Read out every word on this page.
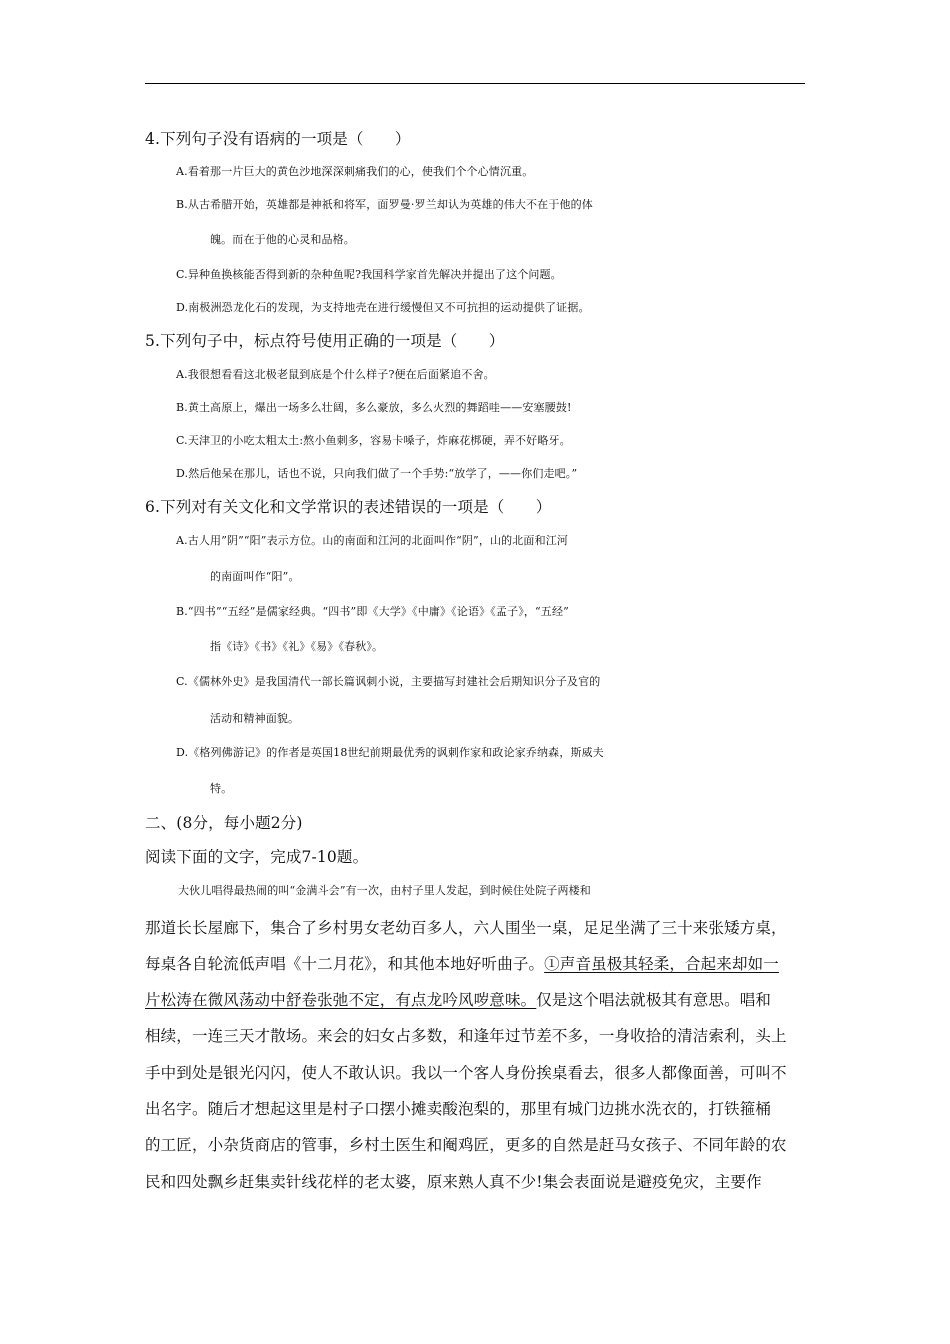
4.下列句子没有语病的一项是（　　）
A.看着那一片巨大的黄色沙地深深刺痛我们的心，使我们个个心情沉重。
B.从古希腊开始，英雄都是神祇和将军，面罗曼·罗兰却认为英雄的伟大不在于他的体
魄。而在于他的心灵和品格。
C.异种鱼换核能否得到新的杂种鱼呢?我国科学家首先解决并提出了这个问题。
D.南极洲恐龙化石的发现，为支持地壳在进行缓慢但又不可抗担的运动提供了证据。
5.下列句子中，标点符号使用正确的一项是（　　）
A.我很想看看这北极老鼠到底是个什么样子?便在后面紧追不舍。
B.黄土高原上，爆出一场多么壮阔，多么豪放，多么火烈的舞蹈哇——安塞腰鼓!
C.天津卫的小吃太粗太土:熬小鱼刺多，容易卡嗓子，炸麻花梆硬，弄不好略牙。
D.然后他呆在那儿，话也不说，只向我们做了一个手势:“放学了，——你们走吧。”
6.下列对有关文化和文学常识的表述错误的一项是（　　）
A.古人用”阴”“阳”表示方位。山的南面和江河的北面叫作“阴”，山的北面和江河
的南面叫作“阳”。
B.“四书”“五经”是儒家经典。“四书”即《大学》《中庸》《论语》《孟子》，“五经”
指《诗》《书》《礼》《易》《春秋》。
C.《儒林外史》是我国清代一部长篇讽刺小说，主要描写封建社会后期知识分子及官的
活动和精神面貌。
D.《格列佛游记》的作者是英国18世纪前期最优秀的讽刺作家和政论家乔纳森，斯威夫
特。
二、(8分，每小题2分)
阅读下面的文字，完成7-10题。
大伙儿唱得最热闹的叫“金满斗会”有一次，由村子里人发起，到时候住处院子两楼和
那道长长屋廊下，集合了乡村男女老幼百多人，六人围坐一桌，足足坐满了三十来张矮方桌，
每桌各自轮流低声唱《十二月花》，和其他本地好听曲子。①声音虽极其轻柔，合起来却如一
片松涛在微风荡动中舒卷张弛不定，有点龙吟风哕意味。仅是这个唱法就极其有意思。唱和
相续，一连三天才散场。来会的妇女占多数，和逢年过节差不多，一身收拾的清洁索利，头上
手中到处是银光闪闪，使人不敢认识。我以一个客人身份挨桌看去，很多人都像面善，可叫不
出名字。随后才想起这里是村子口摆小摊卖酸泡梨的，那里有城门边挑水洗衣的，打铁箍桶
的工匠，小杂货商店的管事，乡村土医生和阉鸡匠，更多的自然是赶马女孩子、不同年龄的农
民和四处飘乡赶集卖针线花样的老太婆，原来熟人真不少!集会表面说是避疫免灾，主要作
